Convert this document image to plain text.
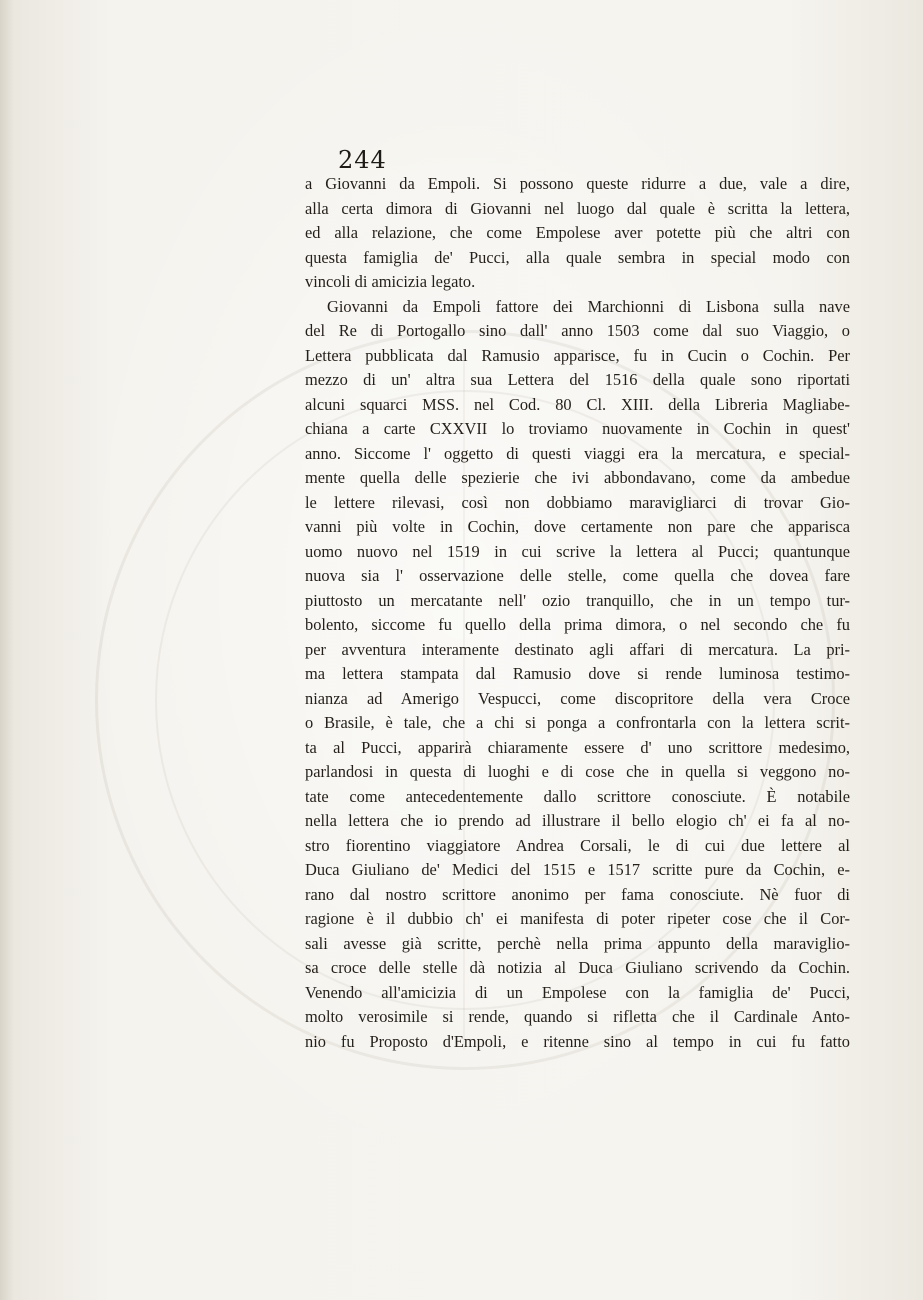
244
a Giovanni da Empoli. Si possono queste ridurre a due, vale a dire,
alla certa dimora di Giovanni nel luogo dal quale è scritta la lettera,
ed alla relazione, che come Empolese aver potette più che altri con
questa famiglia de' Pucci, alla quale sembra in special modo con
vincoli di amicizia legato.
Giovanni da Empoli fattore dei Marchionni di Lisbona sulla nave
del Re di Portogallo sino dall' anno 1503 come dal suo Viaggio, o
Lettera pubblicata dal Ramusio apparisce, fu in Cucin o Cochin. Per
mezzo di un' altra sua Lettera del 1516 della quale sono riportati
alcuni squarci MSS. nel Cod. 80 Cl. XIII. della Libreria Magliabe-
chiana a carte CXXVII lo troviamo nuovamente in Cochin in quest'
anno. Siccome l' oggetto di questi viaggi era la mercatura, e special-
mente quella delle spezierie che ivi abbondavano, come da ambedue
le lettere rilevasi, così non dobbiamo maravigliarci di trovar Gio-
vanni più volte in Cochin, dove certamente non pare che apparisca
uomo nuovo nel 1519 in cui scrive la lettera al Pucci; quantunque
nuova sia l' osservazione delle stelle, come quella che dovea fare
piuttosto un mercatante nell' ozio tranquillo, che in un tempo tur-
bolento, siccome fu quello della prima dimora, o nel secondo che fu
per avventura interamente destinato agli affari di mercatura. La pri-
ma lettera stampata dal Ramusio dove si rende luminosa testimo-
nianza ad Amerigo Vespucci, come discopritore della vera Croce
o Brasile, è tale, che a chi si ponga a confrontarla con la lettera scrit-
ta al Pucci, apparirà chiaramente essere d' uno scrittore medesimo,
parlandosi in questa di luoghi e di cose che in quella si veggono no-
tate come antecedentemente dallo scrittore conosciute. È notabile
nella lettera che io prendo ad illustrare il bello elogio ch' ei fa al no-
stro fiorentino viaggiatore Andrea Corsali, le di cui due lettere al
Duca Giuliano de' Medici del 1515 e 1517 scritte pure da Cochin, e-
rano dal nostro scrittore anonimo per fama conosciute. Nè fuor di
ragione è il dubbio ch' ei manifesta di poter ripeter cose che il Cor-
sali avesse già scritte, perchè nella prima appunto della maraviglio-
sa croce delle stelle dà notizia al Duca Giuliano scrivendo da Cochin.
Venendo all'amicizia di un Empolese con la famiglia de' Pucci,
molto verosimile si rende, quando si rifletta che il Cardinale Anto-
nio fu Proposto d'Empoli, e ritenne sino al tempo in cui fu fatto
